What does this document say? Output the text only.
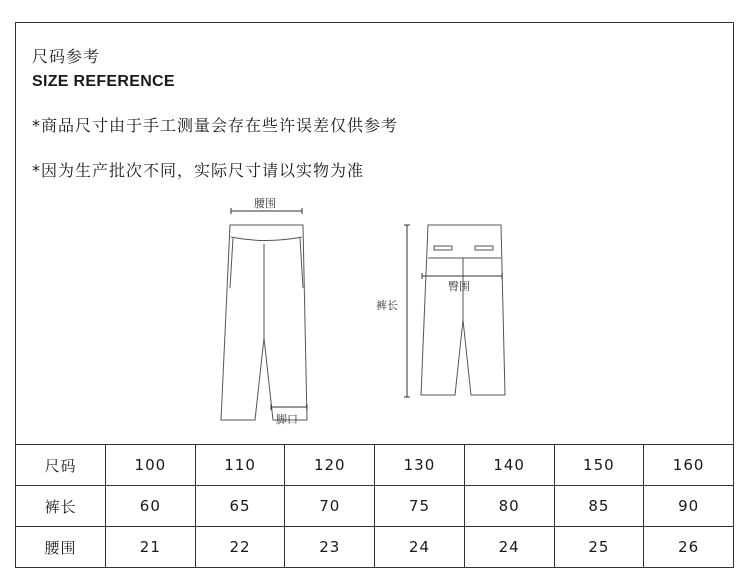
尺码参考
SIZE REFERENCE
*商品尺寸由于手工测量会存在些许误差仅供参考
*因为生产批次不同，实际尺寸请以实物为准
腰围
脚口
裤长
臀围
尺码	100	110	120	130	140	150	160
裤长	60	65	70	75	80	85	90
腰围	21	22	23	24	24	25	26
